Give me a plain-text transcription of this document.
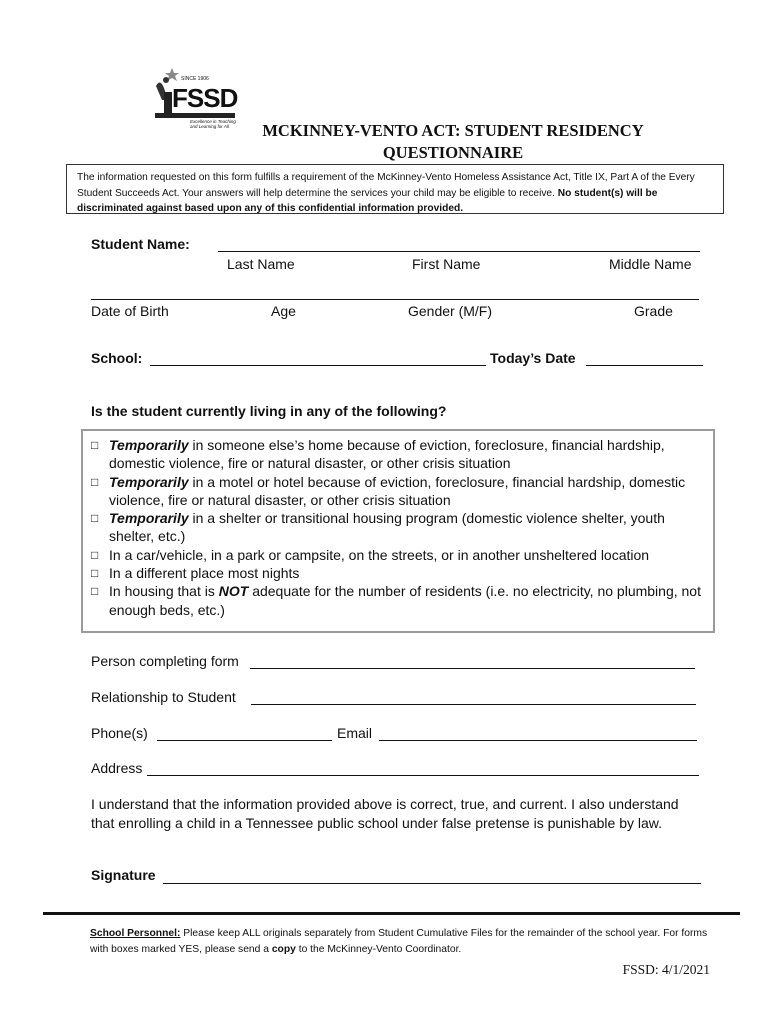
SINCE 1906
FSSD
Excellence in Teaching and Learning for All	MCKINNEY-VENTO ACT: STUDENT RESIDENCY
QUESTIONNAIRE
The information requested on this form fulfills a requirement of the McKinney-Vento Homeless Assistance Act, Title IX, Part A of the Every Student Succeeds Act. Your answers will help determine the services your child may be eligible to receive. No student(s) will be discriminated against based upon any of this confidential information provided.
Student Name:
Last Name	First Name	Middle Name
Date of Birth	Age	Gender (M/F)	Grade
School:	Today’s Date
Is the student currently living in any of the following?
□ Temporarily in someone else’s home because of eviction, foreclosure, financial hardship, domestic violence, fire or natural disaster, or other crisis situation
□ Temporarily in a motel or hotel because of eviction, foreclosure, financial hardship, domestic violence, fire or natural disaster, or other crisis situation
□ Temporarily in a shelter or transitional housing program (domestic violence shelter, youth shelter, etc.)
□ In a car/vehicle, in a park or campsite, on the streets, or in another unsheltered location
□ In a different place most nights
□ In housing that is NOT adequate for the number of residents (i.e. no electricity, no plumbing, not enough beds, etc.)
Person completing form
Relationship to Student
Phone(s)	Email
Address
I understand that the information provided above is correct, true, and current. I also understand that enrolling a child in a Tennessee public school under false pretense is punishable by law.
Signature
School Personnel: Please keep ALL originals separately from Student Cumulative Files for the remainder of the school year. For forms with boxes marked YES, please send a copy to the McKinney-Vento Coordinator.
FSSD: 4/1/2021
